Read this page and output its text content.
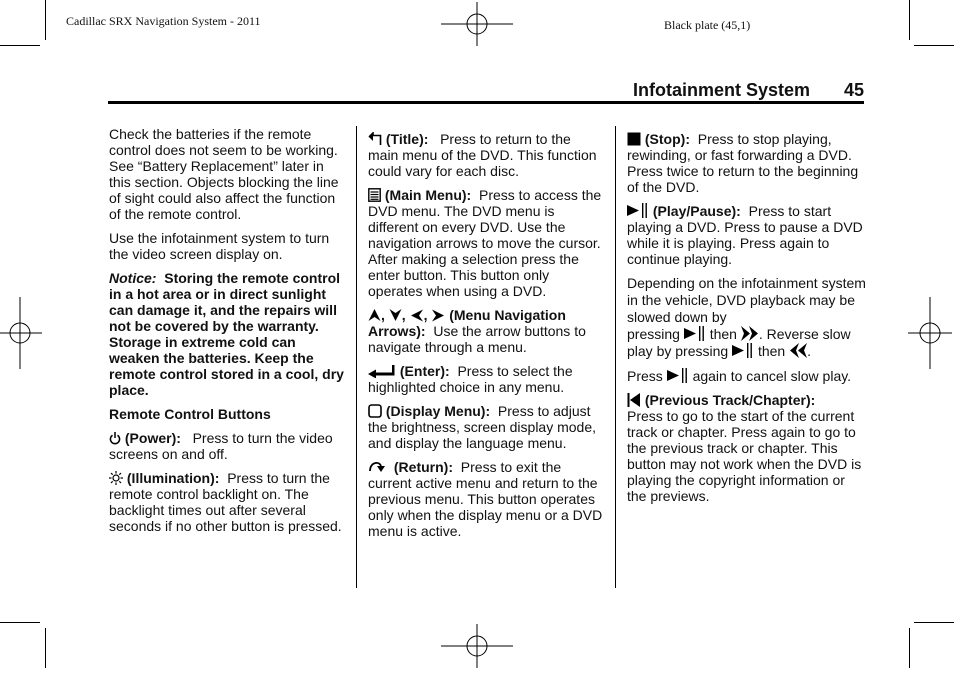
Cadillac SRX Navigation System - 2011	Black plate (45,1)
Infotainment System 45

Check the batteries if the remote control does not seem to be working. See “Battery Replacement” later in this section. Objects blocking the line of sight could also affect the function of the remote control.

Use the infotainment system to turn the video screen display on.

Notice: Storing the remote control in a hot area or in direct sunlight can damage it, and the repairs will not be covered by the warranty. Storage in extreme cold can weaken the batteries. Keep the remote control stored in a cool, dry place.

Remote Control Buttons

(Power): Press to turn the video screens on and off.

(Illumination): Press to turn the remote control backlight on. The backlight times out after several seconds if no other button is pressed.

(Title): Press to return to the main menu of the DVD. This function could vary for each disc.

(Main Menu): Press to access the DVD menu. The DVD menu is different on every DVD. Use the navigation arrows to move the cursor. After making a selection press the enter button. This button only operates when using a DVD.

, , , (Menu Navigation Arrows): Use the arrow buttons to navigate through a menu.

(Enter): Press to select the highlighted choice in any menu.

(Display Menu): Press to adjust the brightness, screen display mode, and display the language menu.

(Return): Press to exit the current active menu and return to the previous menu. This button operates only when the display menu or a DVD menu is active.

(Stop): Press to stop playing, rewinding, or fast forwarding a DVD. Press twice to return to the beginning of the DVD.

(Play/Pause): Press to start playing a DVD. Press to pause a DVD while it is playing. Press again to continue playing.

Depending on the infotainment system in the vehicle, DVD playback may be slowed down by
pressing then . Reverse slow
play by pressing then .

Press again to cancel slow play.

(Previous Track/Chapter):
Press to go to the start of the current track or chapter. Press again to go to the previous track or chapter. This button may not work when the DVD is playing the copyright information or the previews.
